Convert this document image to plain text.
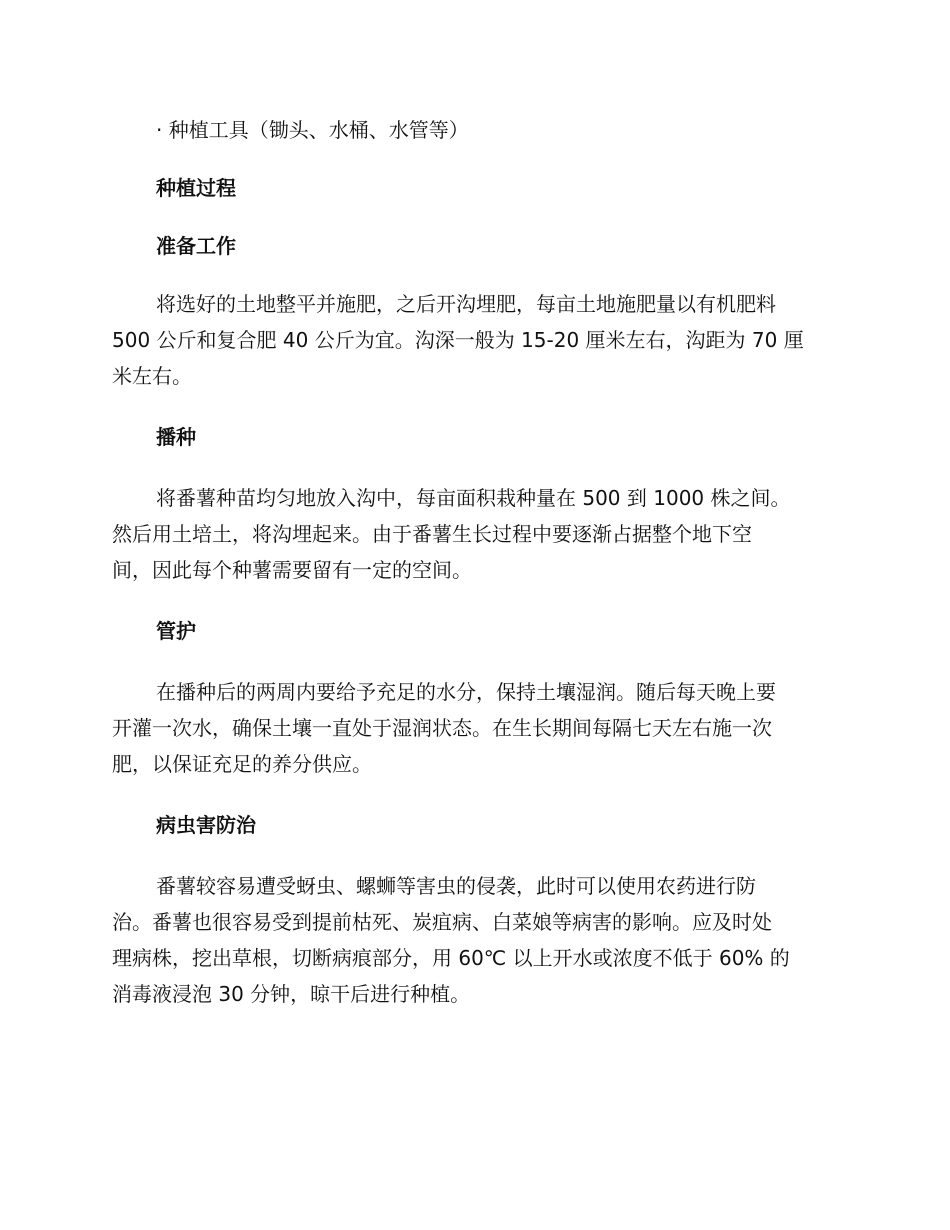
· 种植工具（锄头、水桶、水管等）

种植过程

准备工作

将选好的土地整平并施肥，之后开沟埋肥，每亩土地施肥量以有机肥料

500 公斤和复合肥 40 公斤为宜。沟深一般为 15-20 厘米左右，沟距为 70 厘

米左右。

播种

将番薯种苗均匀地放入沟中，每亩面积栽种量在 500 到 1000 株之间。

然后用土培土，将沟埋起来。由于番薯生长过程中要逐渐占据整个地下空

间，因此每个种薯需要留有一定的空间。

管护

在播种后的两周内要给予充足的水分，保持土壤湿润。随后每天晚上要

开灌一次水，确保土壤一直处于湿润状态。在生长期间每隔七天左右施一次

肥，以保证充足的养分供应。

病虫害防治

番薯较容易遭受蚜虫、螺蛳等害虫的侵袭，此时可以使用农药进行防

治。番薯也很容易受到提前枯死、炭疽病、白菜娘等病害的影响。应及时处

理病株，挖出草根，切断病痕部分，用 60℃ 以上开水或浓度不低于 60% 的

消毒液浸泡 30 分钟，晾干后进行种植。
